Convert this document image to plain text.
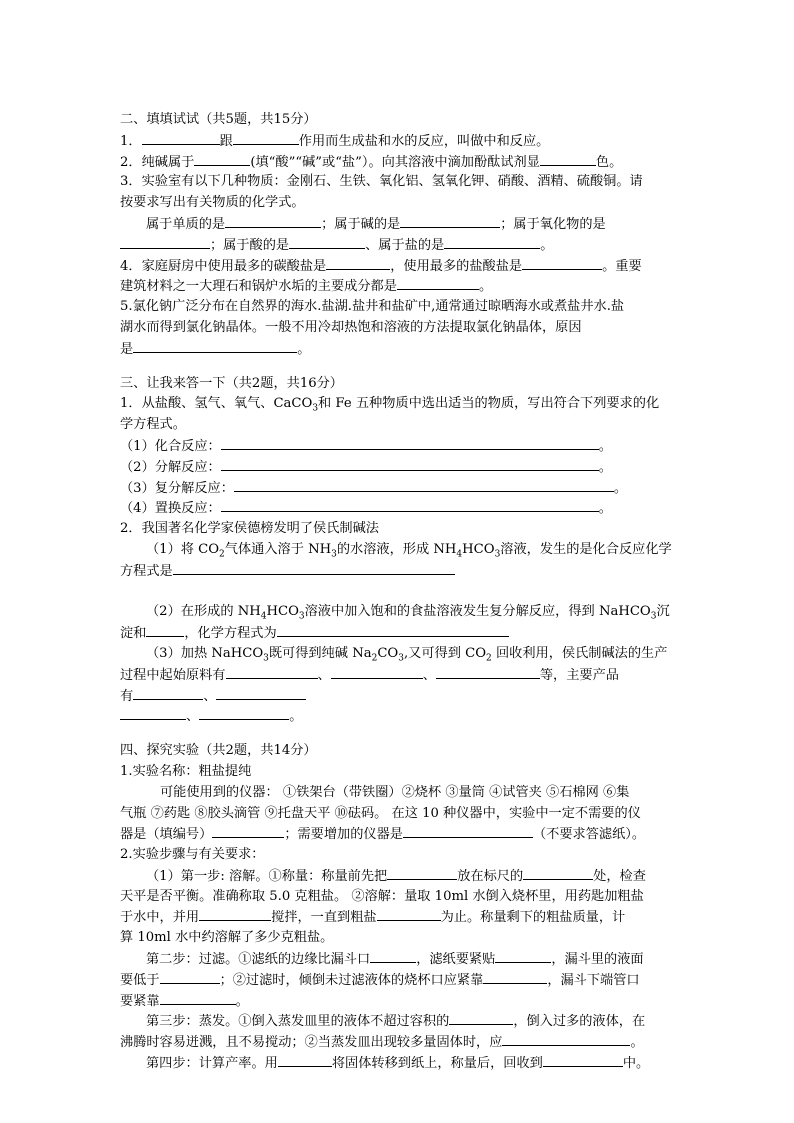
二、填填试试（共5题，共15分）
1．	跟	作用而生成盐和水的反应，叫做中和反应。
2．纯碱属于	(填“酸”“碱”或“盐”）。向其溶液中滴加酚酞试剂显	色。
3．实验室有以下几种物质：金刚石、生铁、氧化铝、氢氧化钾、硝酸、酒精、硫酸铜。请
按要求写出有关物质的化学式。
属于单质的是	；属于碱的是	；属于氧化物的是
；属于酸的是	、属于盐的是	。
4．家庭厨房中使用最多的碳酸盐是	，使用最多的盐酸盐是	。重要
建筑材料之一大理石和锅炉水垢的主要成分都是	。
5.氯化钠广泛分布在自然界的海水.盐湖.盐井和盐矿中,通常通过晾晒海水或煮盐井水.盐
湖水而得到氯化钠晶体。一般不用冷却热饱和溶液的方法提取氯化钠晶体，原因
是	。
三、让我来答一下（共2题，共16分）
1．从盐酸、氢气、氧气、CaCO$_3$和 Fe 五种物质中选出适当的物质，写出符合下列要求的化
学方程式。
（1）化合反应：	。
（2）分解反应：	。
（3）复分解反应：	。
（4）置换反应：	。
2．我国著名化学家侯德榜发明了侯氏制碱法
（1）将 $CO_2$气体通入溶于 $NH_3$的水溶液，形成 $NH_4HCO_3$溶液，发生的是化合反应化学
方程式是
（2）在形成的 $NH_4HCO_3$溶液中加入饱和的食盐溶液发生复分解反应，得到 NaHCO$_3$沉
淀和	，化学方程式为
（3）加热 NaHCO$_3$既可得到纯碱 $Na_2CO_3$,又可得到 $CO_2$ 回收利用，侯氏制碱法的生产
过程中起始原料有	、	、	等，主要产品
有	、
、	。
四、探究实验（共2题，共14分）
1.实验名称：粗盐提纯
可能使用到的仪器： ①铁架台（带铁圈）②烧杯 ③量筒 ④试管夹 ⑤石棉网 ⑥集
气瓶 ⑦药匙 ⑧胶头滴管 ⑨托盘天平 ⑩砝码。 在这 10 种仪器中，实验中一定不需要的仪
器是（填编号）	；需要增加的仪器是	（不要求答滤纸）。
2.实验步骤与有关要求：
（1）第一步: 溶解。①称量：称量前先把	放在标尺的	处，检查
天平是否平衡。准确称取 5.0 克粗盐。 ②溶解：量取 10ml 水倒入烧杯里，用药匙加粗盐
于水中，并用	搅拌，一直到粗盐	为止。称量剩下的粗盐质量，计
算 10ml 水中约溶解了多少克粗盐。
第二步：过滤。①滤纸的边缘比漏斗口	，滤纸要紧贴	，漏斗里的液面
要低于	；②过滤时，倾倒未过滤液体的烧杯口应紧靠	，漏斗下端管口
要紧靠	。
第三步：蒸发。①倒入蒸发皿里的液体不超过容积的	，倒入过多的液体，在
沸腾时容易迸溅，且不易搅动；②当蒸发皿出现较多量固体时，应	。
第四步：计算产率。用	将固体转移到纸上，称量后，回收到	中。
